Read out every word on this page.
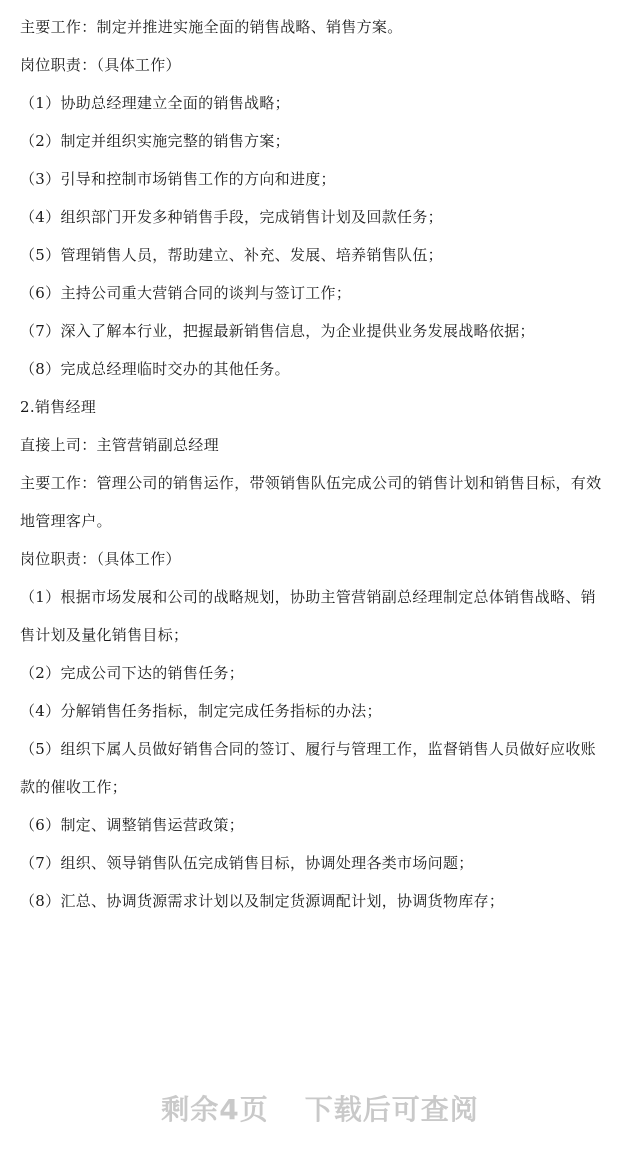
主要工作：制定并推进实施全面的销售战略、销售方案。
岗位职责：（具体工作）
（1）协助总经理建立全面的销售战略；
（2）制定并组织实施完整的销售方案；
（3）引导和控制市场销售工作的方向和进度；
（4）组织部门开发多种销售手段，完成销售计划及回款任务；
（5）管理销售人员，帮助建立、补充、发展、培养销售队伍；
（6）主持公司重大营销合同的谈判与签订工作；
（7）深入了解本行业，把握最新销售信息，为企业提供业务发展战略依据；
（8）完成总经理临时交办的其他任务。
2.销售经理
直接上司：主管营销副总经理
主要工作：管理公司的销售运作，带领销售队伍完成公司的销售计划和销售目标，有效
地管理客户。
岗位职责：（具体工作）
（1）根据市场发展和公司的战略规划，协助主管营销副总经理制定总体销售战略、销
售计划及量化销售目标；
（2）完成公司下达的销售任务；
（4）分解销售任务指标，制定完成任务指标的办法；
（5）组织下属人员做好销售合同的签订、履行与管理工作，监督销售人员做好应收账
款的催收工作；
（6）制定、调整销售运营政策；
（7）组织、领导销售队伍完成销售目标，协调处理各类市场问题；
（8）汇总、协调货源需求计划以及制定货源调配计划，协调货物库存；
剩余4页 下载后可查阅
